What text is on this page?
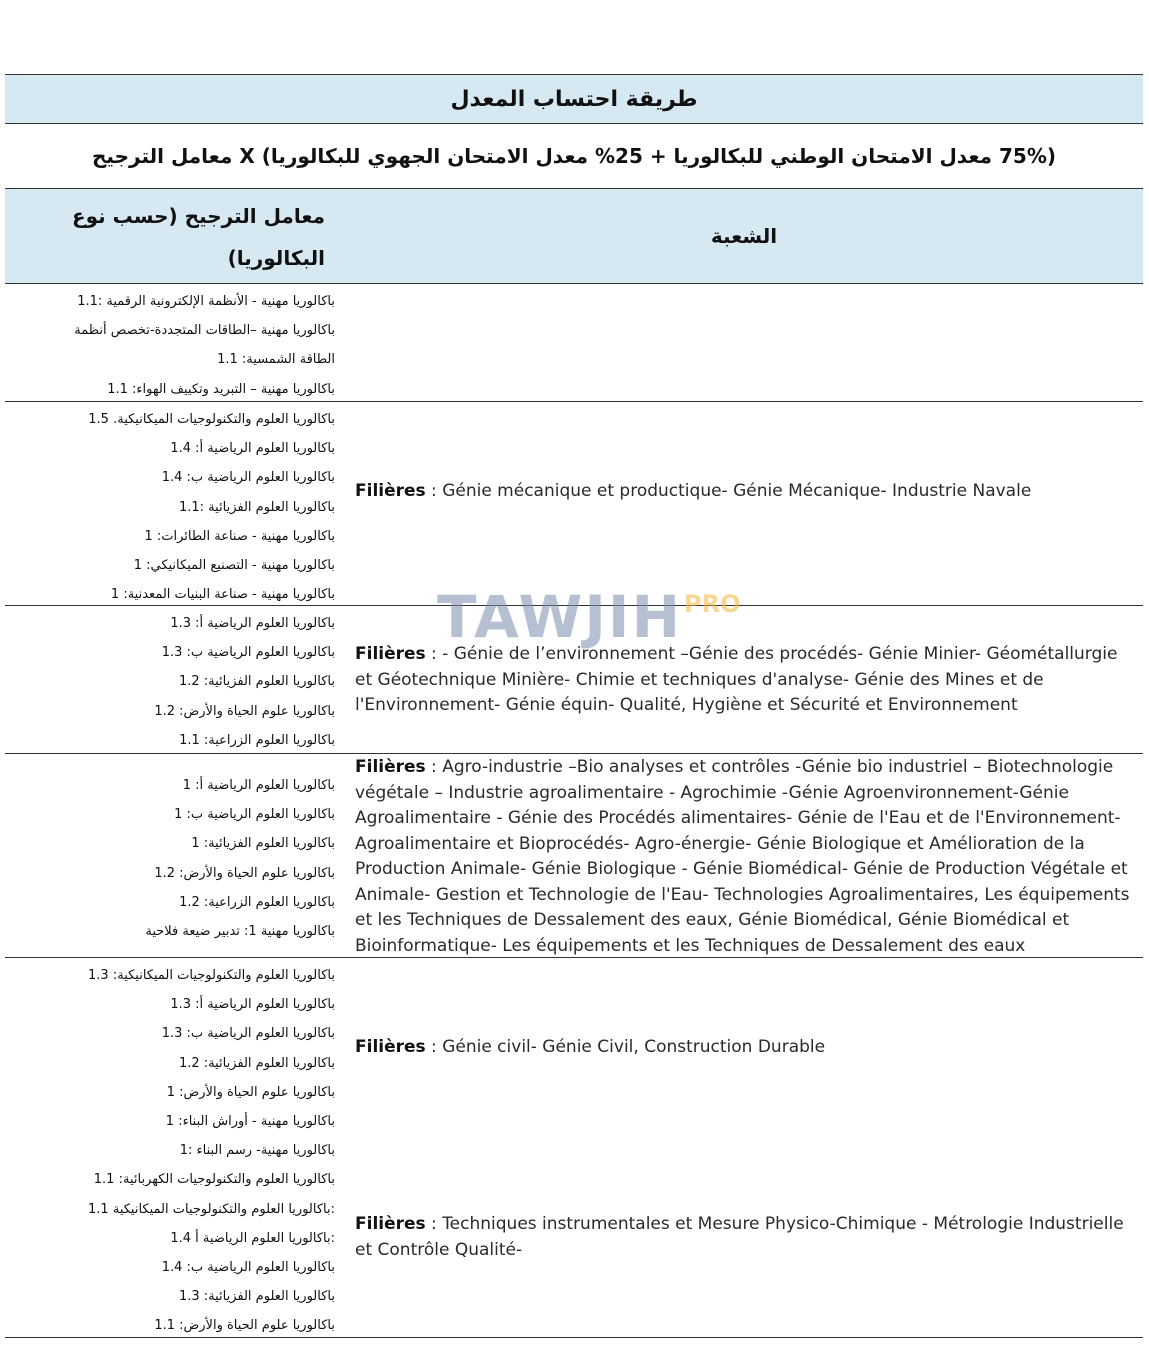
طريقة احتساب المعدل
(75% معدل الامتحان الوطني للبكالوريا + 25% معدل الامتحان الجهوي للبكالوريا) X معامل الترجيح
الشعبة
معامل الترجيح (حسب نوع
البكالوريا)
باكالوريا مهنية - الأنظمة الإلكترونية الرقمية :1.1
باكالوريا مهنية –الطاقات المتجددة-تخصص أنظمة
الطاقة الشمسية: 1.1
باكالوريا مهنية – التبريد وتكييف الهواء: 1.1
باكالوريا العلوم والتكنولوجيات الميكانيكية. 1.5
باكالوريا العلوم الرياضية أ: 1.4
باكالوريا العلوم الرياضية ب: 1.4
باكالوريا العلوم الفزيائية :1.1
باكالوريا مهنية - صناعة الطائرات: 1
باكالوريا مهنية - التصنيع الميكانيكي: 1
باكالوريا مهنية - صناعة البنيات المعدنية: 1
Filières : Génie mécanique et productique- Génie Mécanique- Industrie Navale
باكالوريا العلوم الرياضية أ: 1.3
باكالوريا العلوم الرياضية ب: 1.3
باكالوريا العلوم الفزيائية: 1.2
باكالوريا علوم الحياة والأرض: 1.2
باكالوريا العلوم الزراعية: 1.1
Filières : - Génie de l’environnement –Génie des procédés- Génie Minier- Géométallurgie et Géotechnique Minière- Chimie et techniques d'analyse- Génie des Mines et de l'Environnement- Génie équin- Qualité, Hygiène et Sécurité et Environnement
باكالوريا العلوم الرياضية أ: 1
باكالوريا العلوم الرياضية ب: 1
باكالوريا العلوم الفزيائية: 1
باكالوريا علوم الحياة والأرض: 1.2
باكالوريا العلوم الزراعية: 1.2
باكالوريا مهنية 1: تدبير ضيعة فلاحية
Filières : Agro-industrie –Bio analyses et contrôles -Génie bio industriel – Biotechnologie végétale – Industrie agroalimentaire - Agrochimie -Génie Agroenvironnement-Génie Agroalimentaire - Génie des Procédés alimentaires- Génie de l'Eau et de l'Environnement- Agroalimentaire et Bioprocédés- Agro-énergie- Génie Biologique et Amélioration de la Production Animale- Génie Biologique - Génie Biomédical- Génie de Production Végétale et Animale- Gestion et Technologie de l'Eau- Technologies Agroalimentaires, Les équipements et les Techniques de Dessalement des eaux, Génie Biomédical, Génie Biomédical et Bioinformatique- Les équipements et les Techniques de Dessalement des eaux
باكالوريا العلوم والتكنولوجيات الميكانيكية: 1.3
باكالوريا العلوم الرياضية أ: 1.3
باكالوريا العلوم الرياضية ب: 1.3
باكالوريا العلوم الفزيائية: 1.2
باكالوريا علوم الحياة والأرض: 1
باكالوريا مهنية - أوراش البناء: 1
باكالوريا مهنية- رسم البناء :1
باكالوريا العلوم والتكنولوجيات الكهربائية: 1.1
:باكالوريا العلوم والتكنولوجيات الميكانيكية 1.1
:باكالوريا العلوم الرياضية أ 1.4
باكالوريا العلوم الرياضية ب: 1.4
باكالوريا العلوم الفزيائية: 1.3
باكالوريا علوم الحياة والأرض: 1.1
Filières : Génie civil- Génie Civil, Construction Durable
Filières : Techniques instrumentales et Mesure Physico-Chimique - Métrologie Industrielle et Contrôle Qualité-
TAWJIH PRO
